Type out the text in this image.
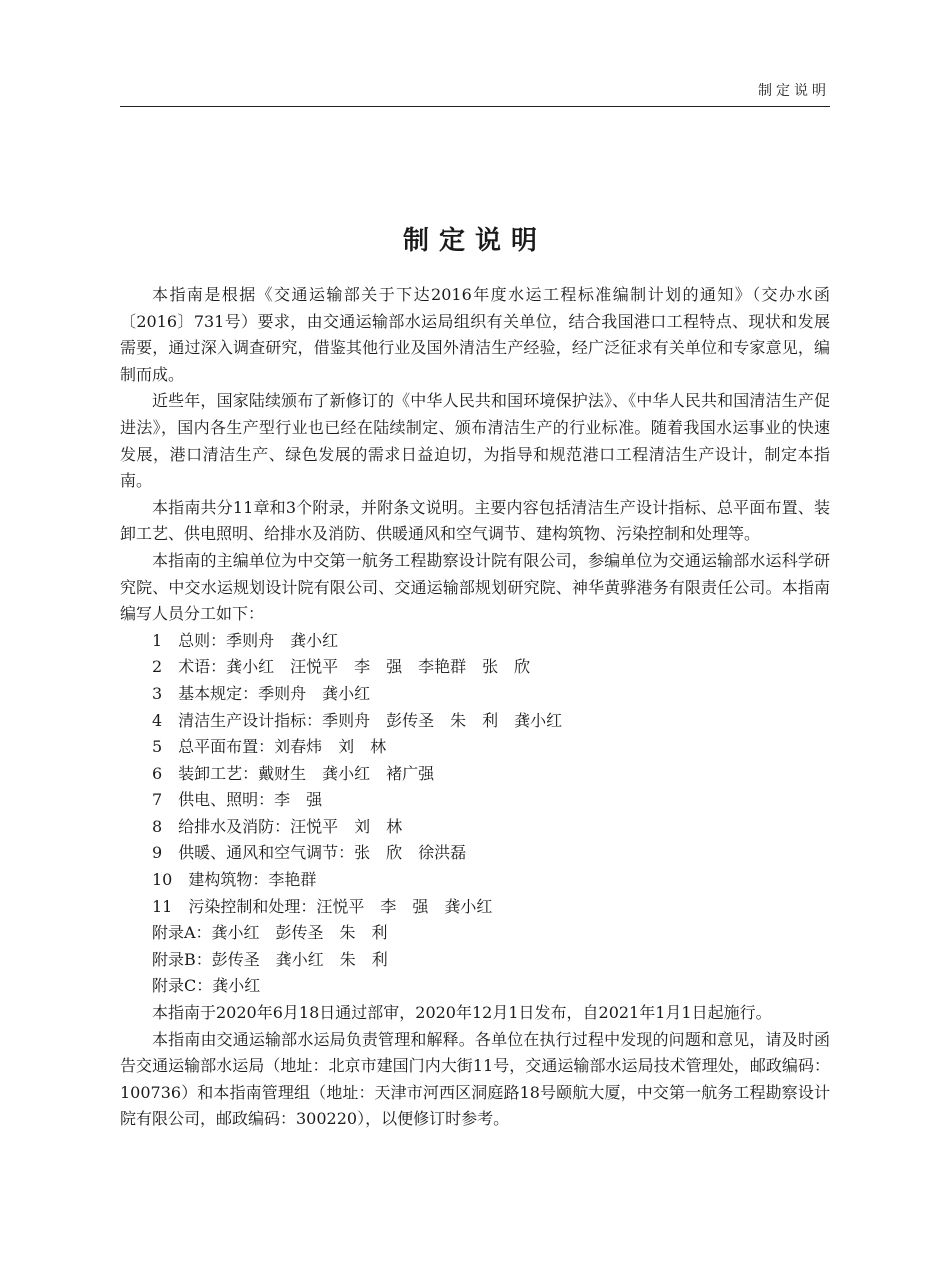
制定说明
制定说明

本指南是根据《交通运输部关于下达2016年度水运工程标准编制计划的通知》（交办水函〔2016〕731号）要求，由交通运输部水运局组织有关单位，结合我国港口工程特点、现状和发展需要，通过深入调查研究，借鉴其他行业及国外清洁生产经验，经广泛征求有关单位和专家意见，编制而成。

近些年，国家陆续颁布了新修订的《中华人民共和国环境保护法》、《中华人民共和国清洁生产促进法》，国内各生产型行业也已经在陆续制定、颁布清洁生产的行业标准。随着我国水运事业的快速发展，港口清洁生产、绿色发展的需求日益迫切，为指导和规范港口工程清洁生产设计，制定本指南。

本指南共分11章和3个附录，并附条文说明。主要内容包括清洁生产设计指标、总平面布置、装卸工艺、供电照明、给排水及消防、供暖通风和空气调节、建构筑物、污染控制和处理等。

本指南的主编单位为中交第一航务工程勘察设计院有限公司，参编单位为交通运输部水运科学研究院、中交水运规划设计院有限公司、交通运输部规划研究院、神华黄骅港务有限责任公司。本指南编写人员分工如下：

1　总则：季则舟　龚小红
2　术语：龚小红　汪悦平　李　强　李艳群　张　欣
3　基本规定：季则舟　龚小红
4　清洁生产设计指标：季则舟　彭传圣　朱　利　龚小红
5　总平面布置：刘春炜　刘　林
6　装卸工艺：戴财生　龚小红　褚广强
7　供电、照明：李　强
8　给排水及消防：汪悦平　刘　林
9　供暖、通风和空气调节：张　欣　徐洪磊
10　建构筑物：李艳群
11　污染控制和处理：汪悦平　李　强　龚小红
附录A：龚小红　彭传圣　朱　利
附录B：彭传圣　龚小红　朱　利
附录C：龚小红

本指南于2020年6月18日通过部审，2020年12月1日发布，自2021年1月1日起施行。

本指南由交通运输部水运局负责管理和解释。各单位在执行过程中发现的问题和意见，请及时函告交通运输部水运局（地址：北京市建国门内大街11号，交通运输部水运局技术管理处，邮政编码：100736）和本指南管理组（地址：天津市河西区洞庭路18号颐航大厦，中交第一航务工程勘察设计院有限公司，邮政编码：300220），以便修订时参考。
